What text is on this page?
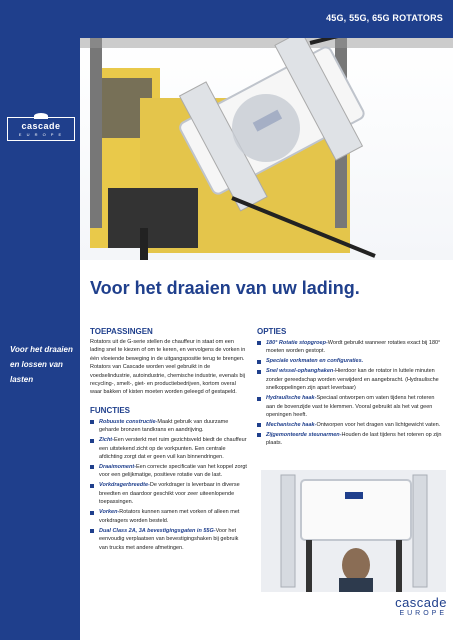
cascade
E U R O P E
Voor het draaien en lossen van lasten
45G, 55G, 65G ROTATORS
Voor het draaien van uw lading.
TOEPASSINGEN

Rotators uit de G-serie stellen de chauffeur in staat om een lading snel te kiezen of om te keren, en vervolgens de vorken in één vloeiende beweging in de uitgangspositie terug te brengen. Rotators van Cascade worden veel gebruikt in de voedselindustrie, autoindustrie, chemische industrie, evenals bij recycling-, smelt-, giet- en productiebedrijven, kortom overal waar bakken of kisten moeten worden geleegd of gestapeld.

FUNCTIES
Robuuste constructie-Maakt gebruik van duurzame geharde bronzen tandkrans en aandrijving.
Zicht-Een versterkt met ruim gezichtsveld biedt de chauffeur een uitstekend zicht op de vorkpunten. Een centrale afdichting zorgt dat er geen vuil kan binnendringen.
Draaimoment-Een correcte specificatie van het koppel zorgt voor een gelijkmatige, positieve rotatie van de last.
Vorkdragerbreedte-De vorkdrager is leverbaar in diverse breedten en daardoor geschikt voor zeer uiteenlopende toepassingen.
Vorken-Rotators kunnen samen met vorken of alleen met vorkdragers worden besteld.
Dual Class 2A, 3A bevestigingsgaten in 55G-Voor het eenvoudig verplaatsen van bevestigingshaken bij gebruik van trucks met andere afmetingen.
OPTIES
180° Rotatie stopgroep-Wordt gebruikt wanneer rotaties exact bij 180° moeten worden gestopt.
Speciale vorkmaten en configuraties.
Snel wissel-ophanghaken-Hierdoor kan de rotator in luttele minuten zonder gereedschap worden verwijderd en aangebracht. (Hydraulische snelkoppelingen zijn apart leverbaar)
Hydraulische haak-Speciaal ontworpen om vaten tijdens het roteren aan de bovenzijde vast te klemmen. Vooral gebruikt als het vat geen openingen heeft.
Mechanische haak-Ontworpen voor het dragen van lichtgewicht vaten.
Zijgemonteerde steunarmen-Houden de last tijdens het roteren op zijn plaats.
cascade
EUROPE
